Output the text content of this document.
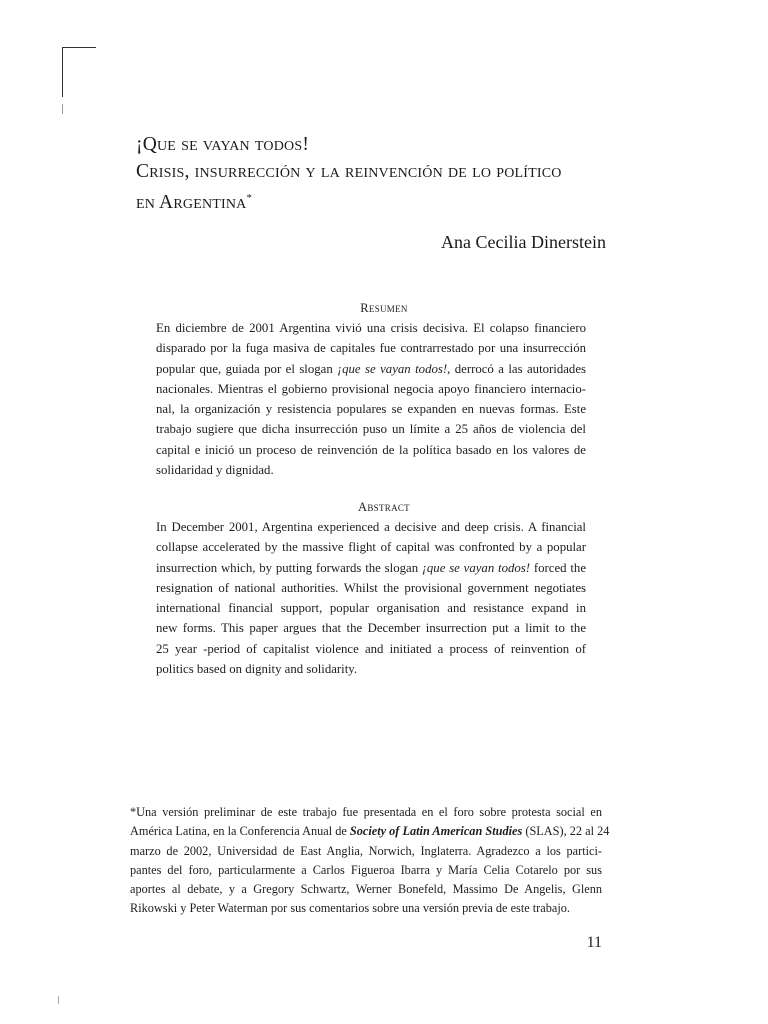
¡Que se vayan todos!
Crisis, insurrección y la reinvención de lo político
en Argentina*
Ana Cecilia Dinerstein
Resumen
En diciembre de 2001 Argentina vivió una crisis decisiva. El colapso financiero
disparado por la fuga masiva de capitales fue contrarrestado por una insurrección
popular que, guiada por el slogan ¡que se vayan todos!, derrocó a las autoridades
nacionales. Mientras el gobierno provisional negocia apoyo financiero internacio-
nal, la organización y resistencia populares se expanden en nuevas formas. Este
trabajo sugiere que dicha insurrección puso un límite a 25 años de violencia del
capital e inició un proceso de reinvención de la política basado en los valores de
solidaridad y dignidad.
Abstract
In December 2001, Argentina experienced a decisive and deep crisis. A financial
collapse accelerated by the massive flight of capital was confronted by a popular
insurrection which, by putting forwards the slogan ¡que se vayan todos! forced the
resignation of national authorities. Whilst the provisional government negotiates
international financial support, popular organisation and resistance expand in
new forms. This paper argues that the December insurrection put a limit to the
25 year -period of capitalist violence and initiated a process of reinvention of
politics based on dignity and solidarity.
*Una versión preliminar de este trabajo fue presentada en el foro sobre protesta social en
América Latina, en la Conferencia Anual de Society of Latin American Studies (SLAS), 22 al 24
marzo de 2002, Universidad de East Anglia, Norwich, Inglaterra. Agradezco a los partici-
pantes del foro, particularmente a Carlos Figueroa Ibarra y María Celia Cotarelo por sus
aportes al debate, y a Gregory Schwartz, Werner Bonefeld, Massimo De Angelis, Glenn
Rikowski y Peter Waterman por sus comentarios sobre una versión previa de este trabajo.
11
